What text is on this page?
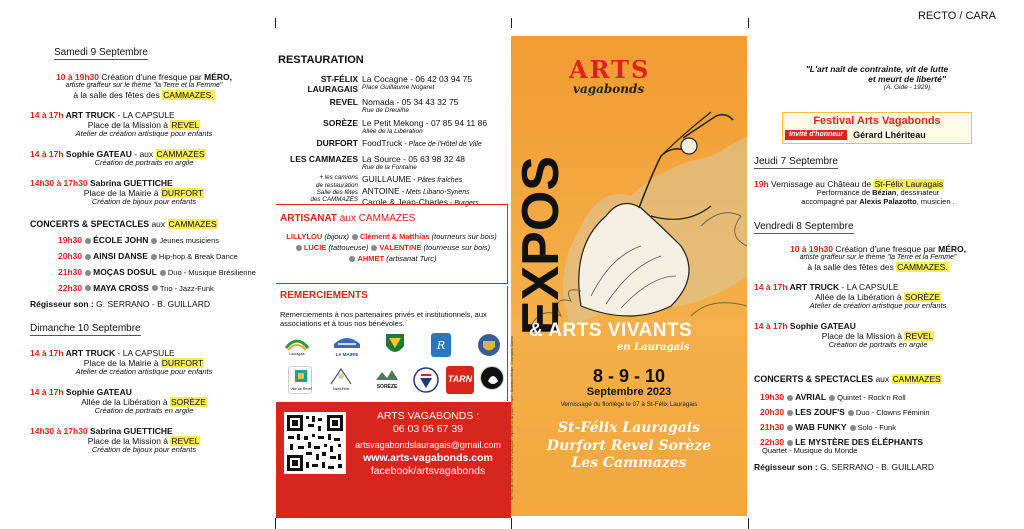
RECTO / CARA
Samedi 9 Septembre
10 à 19h30 Création d'une fresque par MÉRO,
artiste graffeur sur le thème "la Terre et la Femme"
à la salle des fêtes des CAMMAZES.
14 à 17h ART TRUCK - LA CAPSULE
Place de la Mission à REVEL
Atelier de création artistique pour enfants
14 à 17h Sophie GATEAU - aux CAMMAZES
Création de portraits en argile
14h30 à 17h30 Sabrina GUETTICHE
Place de la Mairie à DURFORT
Création de bijoux pour enfants
CONCERTS & SPECTACLES aux CAMMAZES
19h30 ÉCOLE JOHN Jeunes musiciens
20h30 AINSI DANSE Hip-hop & Break Dance
21h30 MOÇAS DOSUL Duo - Musique Brésilienne
22h30 MAYA CROSS Trio - Jazz-Funk
Régisseur son : G. SERRANO - B. GUILLARD
Dimanche 10 Septembre
14 à 17h ART TRUCK - LA CAPSULE
Place de la Mairie à DURFORT
Atelier de création artistique pour enfants
14 à 17h Sophie GATEAU
Allée de la Libération à SORÈZE
Création de portraits en argile
14h30 à 17h30 Sabrina GUETTICHE
Place de la Mission à REVEL
Création de bijoux pour enfants
RESTAURATION
ST-FÉLIX LAURAGAIS
La Cocagne - 06 42 03 94 75
Place Guillaume Nogaret
REVEL Nomada - 05 34 43 32 75
Rue de Dreuilhe
SORÈZE Le Petit Mekong - 07 85 94 11 86
Allée de la Libération
DURFORT FoodTruck - Place de l'Hôtel de Ville
LES CAMMAZES La Source - 05 63 98 32 48
Rue de la Fontaine
+ les camions
de restauration
Salle des fêtes
des CAMMAZES
GUILLAUME - Pâtes fraîches
ANTOINE - Mets Libano-Syriens
Carole & Jean-Charles - Burgers, ...
ARTISANAT aux CAMMAZES
LILLYLOU (bijoux) Clément & Matthias (tourneurs sur bois)
LUCIE (tattoueuse) VALENTINE (tourneuse sur bois)
AHMET (artisanat Turc)
REMERCIEMENTS
Remerciements à nos partenaires privés et institutionnels, aux associations et à tous nos bénévoles.
Lauragais	LA MAIRIE
R
Ville de Revel	Saint-Félix	SORÈZE
TARN
ARTS VAGABONDS :
06 03 05 67 39
artsvagabondslauragais@gmail.com
www.arts-vagabonds.com
facebook/artsvagabonds
ARTS
vagabonds
EXPOS
NE PAS JETER SUR LA VOIE PUBLIQUE - Imprimé sur du papier recyclé - Illustration Bézian - Conception Sabrina
& ARTS VIVANTS
en Lauragais
8 - 9 - 10
Septembre 2023
Vernissage du florilège le 07 à St-Félix Lauragais
St-Félix Lauragais
Durfort Revel Sorèze
Les Cammazes
"L'art naît de contrainte, vit de lutte
et meurt de liberté"
(A. Gide - 1929)
Festival Arts Vagabonds
Invité d'honneur	Gérard Lhériteau
Jeudi 7 Septembre
19h Vernissage au Château de St-Félix Lauragais
Performance de Bézian, dessinateur
accompagné par Alexis Palazotto, musicien .
Vendredi 8 Septembre
10 à 19h30 Création d'une fresque par MÉRO,
artiste graffeur sur le thème "la Terre et la Femme"
à la salle des fêtes des CAMMAZES.
14 à 17h ART TRUCK - LA CAPSULE
Allée de la Libération à SORÈZE
Atelier de création artistique pour enfants
14 à 17h Sophie GATEAU
Place de la Mission à REVEL
Création de portraits en argile
CONCERTS & SPECTACLES aux CAMMAZES
19h30 AVRIAL Quintet - Rock'n Roll
20h30 LES ZOUF'S Duo - Clowns Féminin
21h30 WAB FUNKY Solo - Funk
22h30 LE MYSTÈRE DES ÉLÉPHANTS
Quartet - Musique du Monde
Régisseur son : G. SERRANO - B. GUILLARD
